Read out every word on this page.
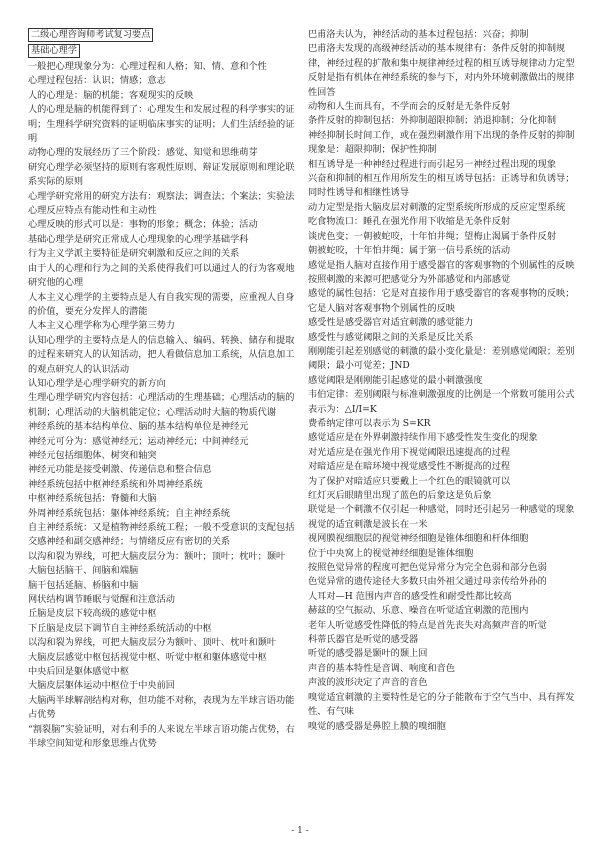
二级心理咨询师考试复习要点
基础心理学
一般把心理现象分为：心理过程和人格；知、情、意和个性
心理过程包括：认识；情感；意志
人的心理是：脑的机能；客观现实的反映
人的心理是脑的机能得到了：心理发生和发展过程的科学事实的证明；生理科学研究资料的证明临床事实的证明；人们生活经验的证明
动物心理的发展经历了三个阶段：感觉、知觉和思维萌芽
研究心理学必须坚持的原则有客观性原则、辩证发展原则和理论联系实际的原则
心理学研究常用的研究方法有：观察法；调查法；个案法；实验法
心理反应特点有能动性和主动性
心理反映的形式可以是：事物的形象；概念；体验；活动
基础心理学是研究正常成人心理现象的心理学基础学科
行为主义学派主要特征是研究刺激和反应之间的关系
由于人的心理和行为之间的关系使得我们可以通过人的行为客观地研究他的心理
人本主义心理学的主要特点是人有自我实现的需要，应重视人自身的价值，要充分发挥人的潜能
人本主义心理学称为心理学第三势力
认知心理学的主要特点是人的信息输入、编码、转换、储存和提取的过程来研究人的认知活动，把人看做信息加工系统，从信息加工的观点研究人的认识活动
认知心理学是心理学研究的新方向
生理心理学研究内容包括：心理活动的生理基础；心理活动的脑的机制；心理活动的大脑机能定位；心理活动时大脑的物质代谢
神经系统的基本结构单位、脑的基本结构单位是神经元
神经元可分为：感觉神经元；运动神经元；中间神经元
神经元包括细胞体、树突和轴突
神经元功能是接受刺激、传递信息和整合信息
神经系统包括中枢神经系统和外周神经系统
中枢神经系统包括：脊髓和大脑
外周神经系统包括：躯体神经系统；自主神经系统
自主神经系统：又是植物神经系统工程；一般不受意识的支配包括交感神经和副交感神经；与情绪反应有密切的关系
以沟和裂为界线，可把大脑皮层分为：额叶；顶叶；枕叶；颞叶
大脑包括脑干、间脑和端脑
脑干包括延脑、桥脑和中脑
网状结构调节睡眠与觉醒和注意活动
丘脑是皮层下较高级的感觉中枢
下丘脑是皮层下调节自主神经系统活动的中枢
以沟和裂为界线，可把大脑皮层分为额叶、顶叶、枕叶和颞叶
大脑皮层感觉中枢包括视觉中枢、听觉中枢和躯体感觉中枢
中央后回是躯体感觉中枢
大脑皮层躯体运动中枢位于中央前回
大脑两半球解剖结构对称，但功能不对称，表现为左半球言语功能占优势
“割裂脑”实验证明，对右利手的人来说左半球言语功能占优势，右半球空间知觉和形象思维占优势
巴甫洛夫认为，神经活动的基本过程包括：兴奋；抑制
巴甫洛夫发现的高级神经活动的基本规律有：条件反射的抑制规律，神经过程的扩散和集中规律神经过程的相互诱导规律动力定型反射是指有机体在神经系统的参与下，对内外环境刺激做出的规律性回答
动物和人生而具有，不学而会的反射是无条件反射
条件反射的抑制包括：外抑制超限抑制；消退抑制；分化抑制
神经抑制长时间工作，或在强烈刺激作用下出现的条件反射的抑制现象是：超限抑制；保护性抑制
相互诱导是一种神经过程进行而引起另一神经过程出现的现象
兴奋和抑制的相互作用所发生的相互诱导包括：正诱导和负诱导；同时性诱导和相继性诱导
动力定型是指大脑皮层对刺激的定型系统所形成的反应定型系统
吃食物流口：睡孔在强光作用下收缩是无条件反射
谈虎色变；一朝被蛇咬，十年怕井绳；望梅止渴属于条件反射
朝被蛇咬，十年怕井绳；属于第一信号系统的活动
感觉是指人脑对直接作用于感受器官的客观事物的个别属性的反映
按照刺激的来源可把感觉分为外部感觉和内部感觉
感觉的属性包括：它是对直接作用于感受器官的客观事物的反映；它是人脑对客观事物个别属性的反映
感受性是感受器官对适宜刺激的感觉能力
感受性与感觉阈限之间的关系是反比关系
刚刚能引起差别感觉的刺激的最小变化量是：差别感觉阈限；差别阈限；最小可觉差；JND
感觉阈限是刚刚能引起感觉的最小刺激强度
韦伯定律：差别阈限与标准刺激强度的比例是一个常数可能用公式表示为：△I/I=K
费希纳定律可以表示为 S=KR
感觉适应是在外界刺激持续作用下感受性发生变化的现象
对光适应是在强光作用下视觉阈限迅速提高的过程
对暗适应是在暗环境中视觉感受性不断提高的过程
为了保护对暗适应只要戴上一个红色的眼镜就可以
红灯灭后眼睛里出现了蓝色的后象这是负后象
联觉是一个刺激不仅引起一种感觉，同时还引起另一种感觉的现象
视觉的适宜刺激是波长在一米
视网膜视细胞层的视觉神经细胞是锥体细胞和杆体细胞
位于中央窝上的视觉神经细胞是锥体细胞
按照色觉异常的程度可把色觉异常分为完全色弱和部分色弱
色觉异常的遗传途径大多数只由外祖父通过母亲传给外孙的
人耳对—H 范围内声音的感受性和耐受性都比较高
赫兹的空气振动、乐意、噪音在听觉适宜刺激的范围内
老年人听觉感受性降低的特点是首先丧失对高频声音的听觉
科蒂氏器官是听觉的感受器
听觉的感受器是颞叶的颞上回
声音的基本特性是音调、响度和音色
声波的波形决定了声音的音色
嗅觉适宜刺激的主要特性是它的分子能散布于空气当中、具有挥发性、有气味
嗅觉的感受器是鼻腔上膜的嗅细胞
- 1 -
